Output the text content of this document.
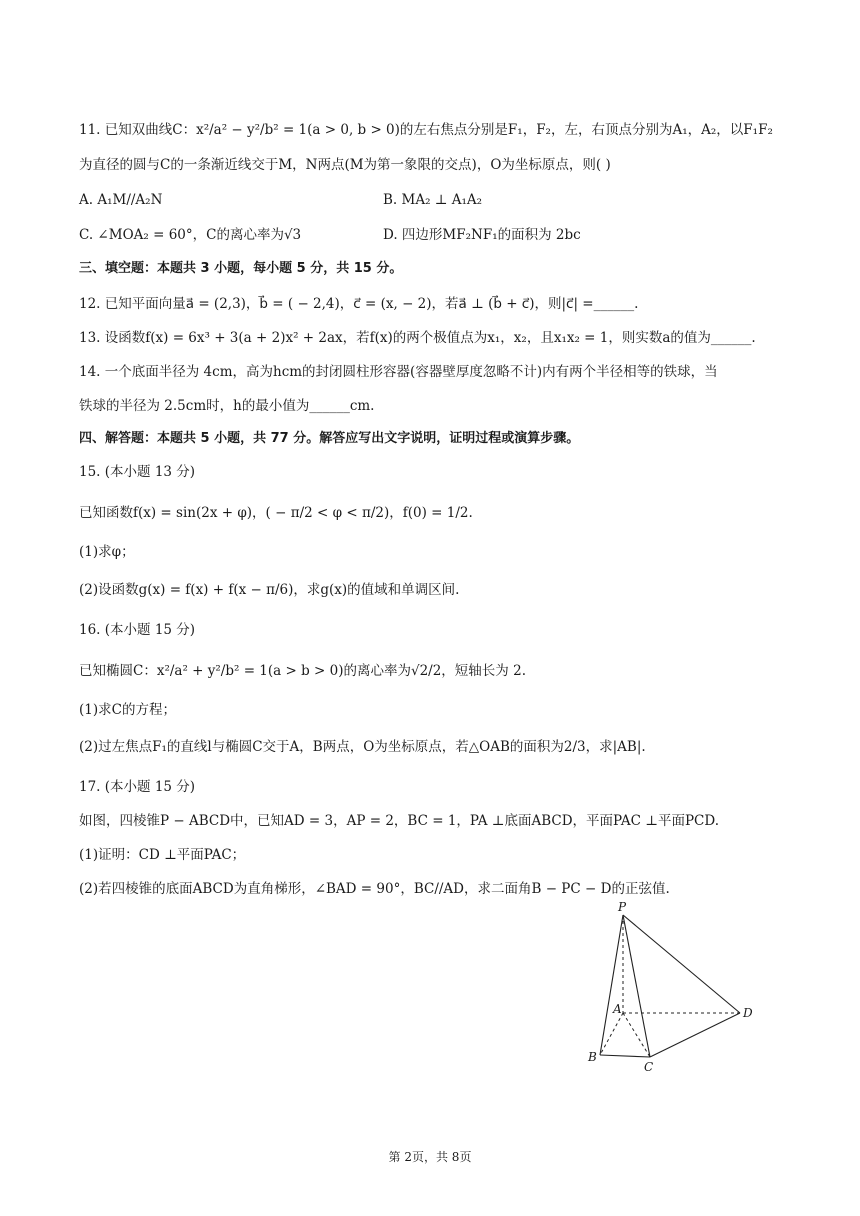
11. 已知双曲线C：x²/a² − y²/b² = 1(a > 0, b > 0)的左右焦点分别是F₁，F₂，左，右顶点分别为A₁，A₂，以F₁F₂
为直径的圆与C的一条渐近线交于M，N两点(M为第一象限的交点)，O为坐标原点，则( )
A. A₁M//A₂N	B. MA₂ ⊥ A₁A₂
C. ∠MOA₂ = 60°，C的离心率为√3	D. 四边形MF₂NF₁的面积为 2bc
三、填空题：本题共 3 小题，每小题 5 分，共 15 分。
12. 已知平面向量a⃗ = (2,3)，b⃗ = ( − 2,4)，c⃗ = (x, − 2)，若a⃗ ⊥ (b⃗ + c⃗)，则|c⃗| =______.
13. 设函数f(x) = 6x³ + 3(a + 2)x² + 2ax，若f(x)的两个极值点为x₁，x₂，且x₁x₂ = 1，则实数a的值为______.
14. 一个底面半径为 4cm，高为hcm的封闭圆柱形容器(容器壁厚度忽略不计)内有两个半径相等的铁球，当
铁球的半径为 2.5cm时，h的最小值为______cm.
四、解答题：本题共 5 小题，共 77 分。解答应写出文字说明，证明过程或演算步骤。
15. (本小题 13 分)
已知函数f(x) = sin(2x + φ)，( − π/2 < φ < π/2)，f(0) = 1/2.
(1)求φ；
(2)设函数g(x) = f(x) + f(x − π/6)，求g(x)的值域和单调区间.
16. (本小题 15 分)
已知椭圆C：x²/a² + y²/b² = 1(a > b > 0)的离心率为√2/2，短轴长为 2.
(1)求C的方程；
(2)过左焦点F₁的直线l与椭圆C交于A，B两点，O为坐标原点，若△OAB的面积为2/3，求|AB|.
17. (本小题 15 分)
如图，四棱锥P − ABCD中，已知AD = 3，AP = 2，BC = 1，PA ⊥底面ABCD，平面PAC ⊥平面PCD.
(1)证明：CD ⊥平面PAC；
(2)若四棱锥的底面ABCD为直角梯形，∠BAD = 90°，BC//AD，求二面角B − PC − D的正弦值.
P
A
B
C
D
第 2页，共 8页
